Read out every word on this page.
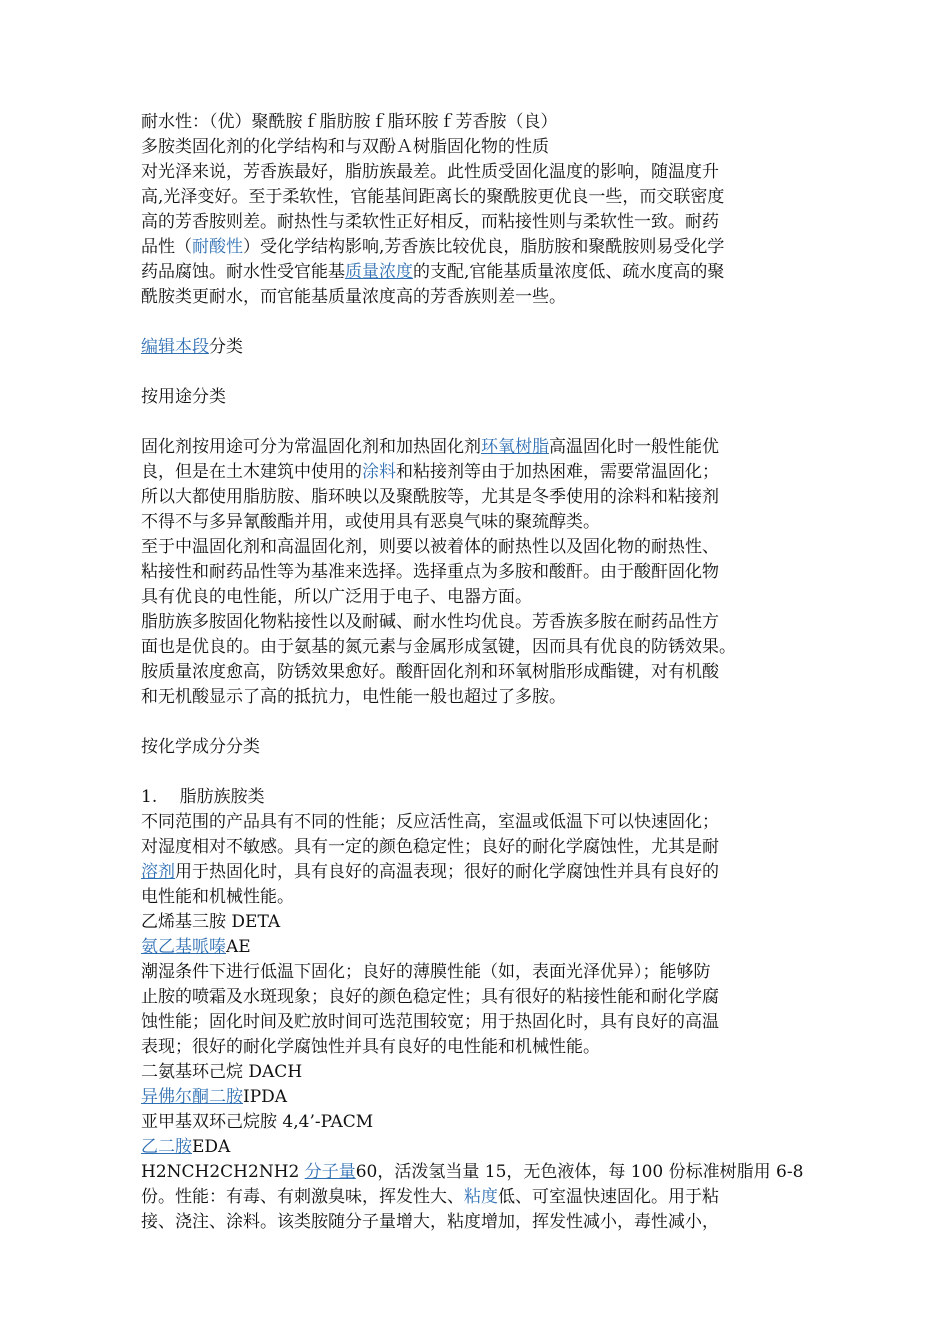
耐水性：（优）聚酰胺ｆ脂肪胺ｆ脂环胺ｆ芳香胺（良）

多胺类固化剂的化学结构和与双酚Ａ树脂固化物的性质

对光泽来说，芳香族最好，脂肪族最差。此性质受固化温度的影响，随温度升

高,光泽变好。至于柔软性，官能基间距离长的聚酰胺更优良一些，而交联密度

高的芳香胺则差。耐热性与柔软性正好相反，而粘接性则与柔软性一致。耐药

品性（耐酸性）受化学结构影响,芳香族比较优良，脂肪胺和聚酰胺则易受化学

药品腐蚀。耐水性受官能基质量浓度的支配,官能基质量浓度低、疏水度高的聚

酰胺类更耐水，而官能基质量浓度高的芳香族则差一些。

编辑本段分类

按用途分类

固化剂按用途可分为常温固化剂和加热固化剂环氧树脂高温固化时一般性能优

良，但是在土木建筑中使用的涂料和粘接剂等由于加热困难，需要常温固化；

所以大都使用脂肪胺、脂环映以及聚酰胺等，尤其是冬季使用的涂料和粘接剂

不得不与多异氰酸酯并用，或使用具有恶臭气味的聚巯醇类。

至于中温固化剂和高温固化剂，则要以被着体的耐热性以及固化物的耐热性、

粘接性和耐药品性等为基准来选择。选择重点为多胺和酸酐。由于酸酐固化物

具有优良的电性能，所以广泛用于电子、电器方面。

脂肪族多胺固化物粘接性以及耐碱、耐水性均优良。芳香族多胺在耐药品性方

面也是优良的。由于氨基的氮元素与金属形成氢键，因而具有优良的防锈效果。

胺质量浓度愈高，防锈效果愈好。酸酐固化剂和环氧树脂形成酯键，对有机酸

和无机酸显示了高的抵抗力，电性能一般也超过了多胺。

按化学成分分类

1.　 脂肪族胺类

不同范围的产品具有不同的性能；反应活性高，室温或低温下可以快速固化；

对湿度相对不敏感。具有一定的颜色稳定性；良好的耐化学腐蚀性，尤其是耐

溶剂用于热固化时，具有良好的高温表现；很好的耐化学腐蚀性并具有良好的

电性能和机械性能。

乙烯基三胺 DETA

氨乙基哌嗪AE

潮湿条件下进行低温下固化；良好的薄膜性能（如，表面光泽优异）；能够防

止胺的喷霜及水斑现象；良好的颜色稳定性；具有很好的粘接性能和耐化学腐

蚀性能；固化时间及贮放时间可选范围较宽；用于热固化时，具有良好的高温

表现；很好的耐化学腐蚀性并具有良好的电性能和机械性能。

二氨基环己烷 DACH

异佛尔酮二胺IPDA

亚甲基双环己烷胺 4,4’-PACM

乙二胺EDA

H2NCH2CH2NH2 分子量60，活泼氢当量 15，无色液体，每 100 份标准树脂用 6-8

份。性能：有毒、有刺激臭味，挥发性大、粘度低、可室温快速固化。用于粘

接、浇注、涂料。该类胺随分子量增大，粘度增加，挥发性减小，毒性减小，
